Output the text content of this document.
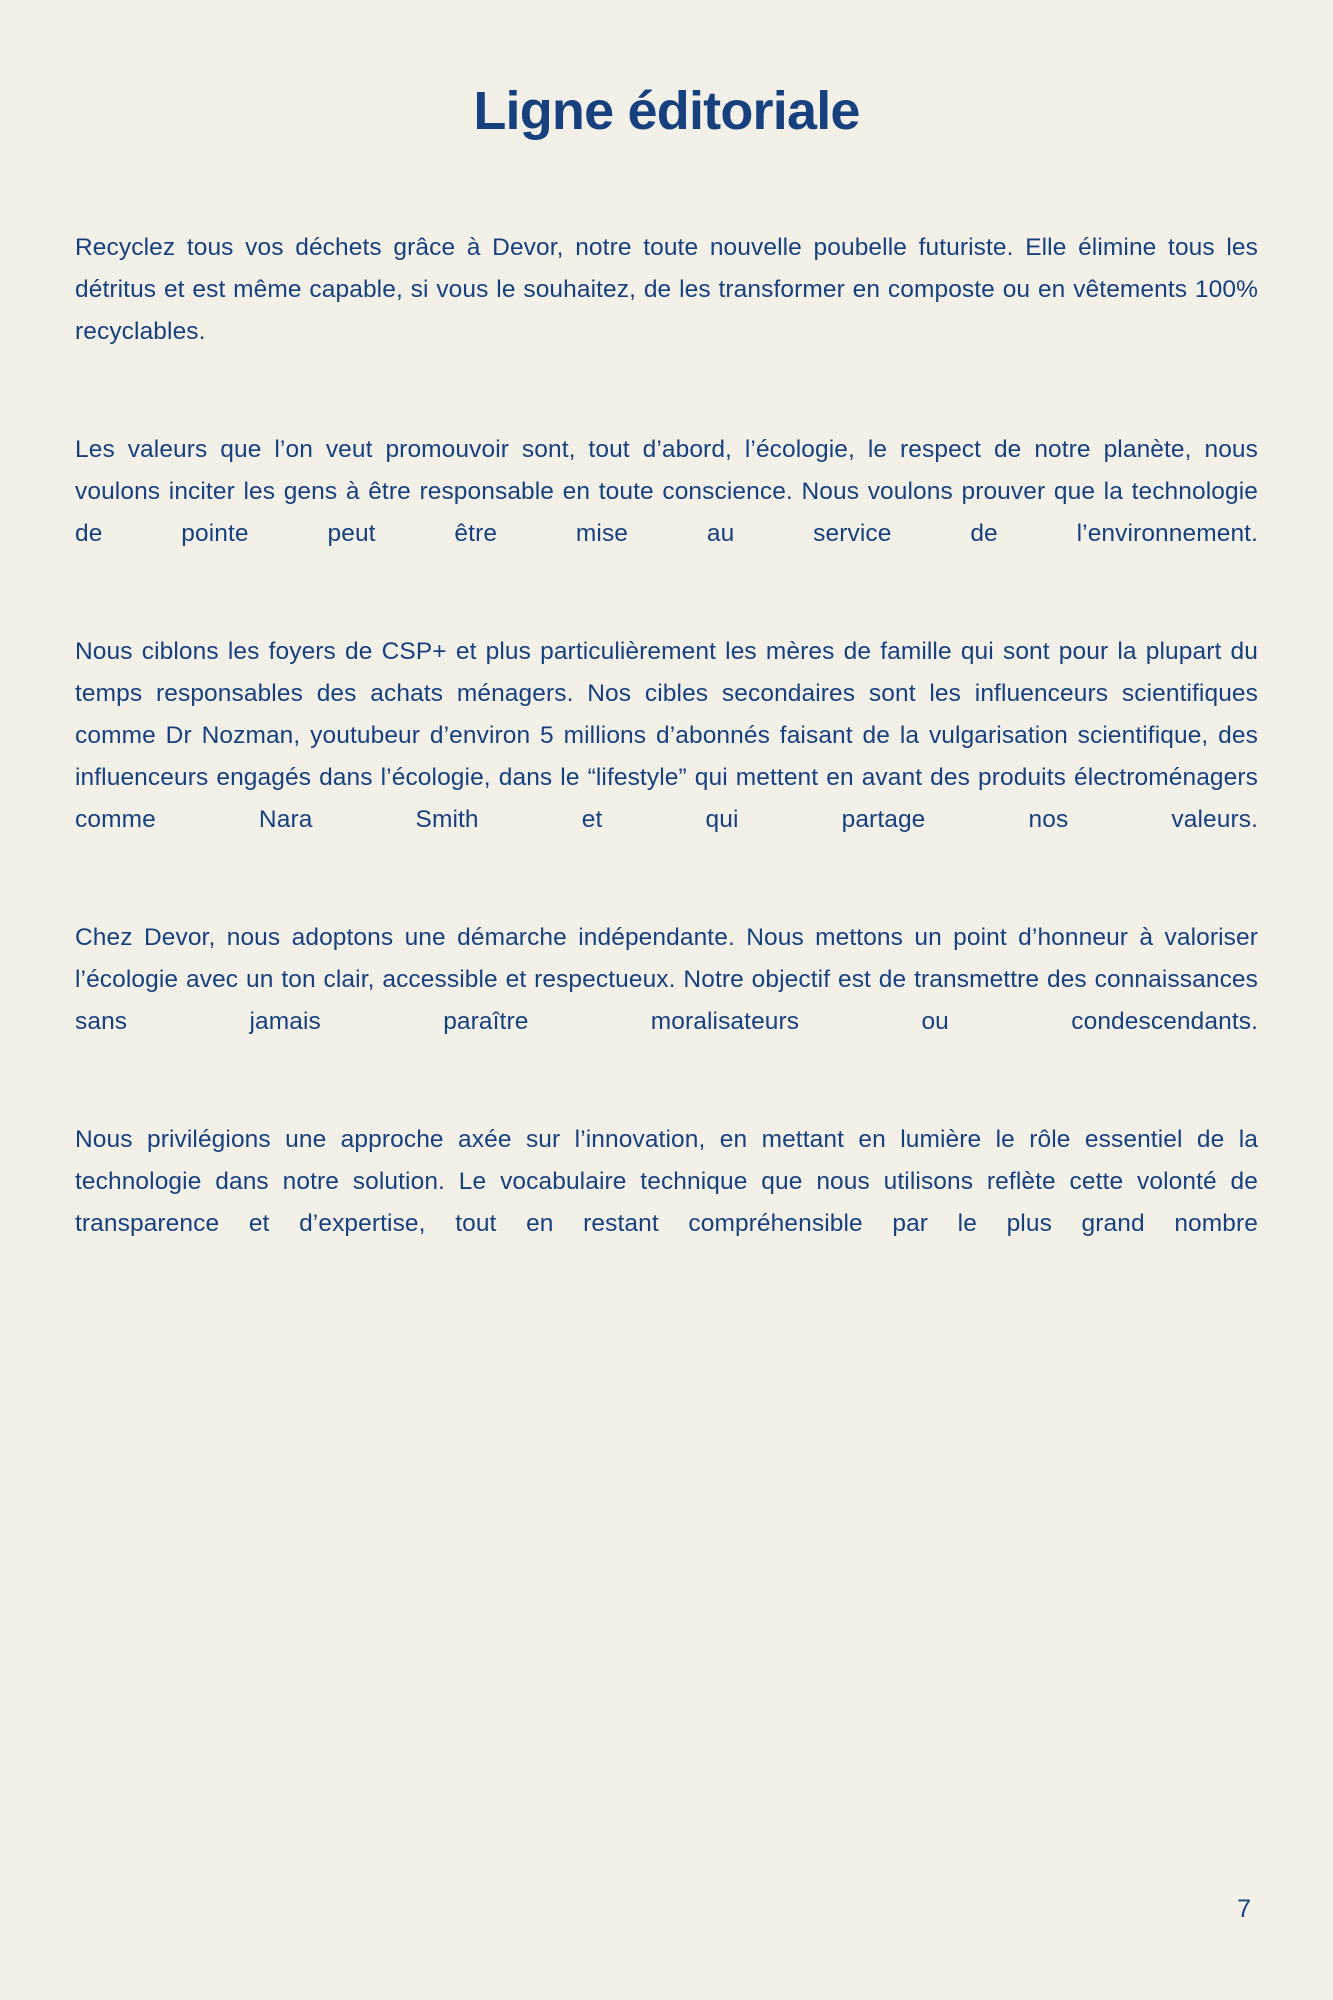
Ligne éditoriale

Recyclez tous vos déchets grâce à Devor, notre toute nouvelle poubelle futuriste. Elle élimine tous les détritus et est même capable, si vous le souhaitez, de les transformer en composte ou en vêtements 100% recyclables.

Les valeurs que l’on veut promouvoir sont, tout d’abord, l’écologie, le respect de notre planète, nous voulons inciter les gens à être responsable en toute conscience. Nous voulons prouver que la technologie de pointe peut être mise au service de l’environnement.

Nous ciblons les foyers de CSP+ et plus particulièrement les mères de famille qui sont pour la plupart du temps responsables des achats ménagers. Nos cibles secondaires sont les influenceurs scientifiques comme Dr Nozman, youtubeur d’environ 5 millions d’abonnés faisant de la vulgarisation scientifique, des influenceurs engagés dans l’écologie, dans le “lifestyle” qui mettent en avant des produits électroménagers comme Nara Smith et qui partage nos valeurs.

Chez Devor, nous adoptons une démarche indépendante. Nous mettons un point d’honneur à valoriser l’écologie avec un ton clair, accessible et respectueux. Notre objectif est de transmettre des connaissances sans jamais paraître moralisateurs ou condescendants.

Nous privilégions une approche axée sur l’innovation, en mettant en lumière le rôle essentiel de la technologie dans notre solution. Le vocabulaire technique que nous utilisons reflète cette volonté de transparence et d’expertise, tout en restant compréhensible par le plus grand nombre

7
